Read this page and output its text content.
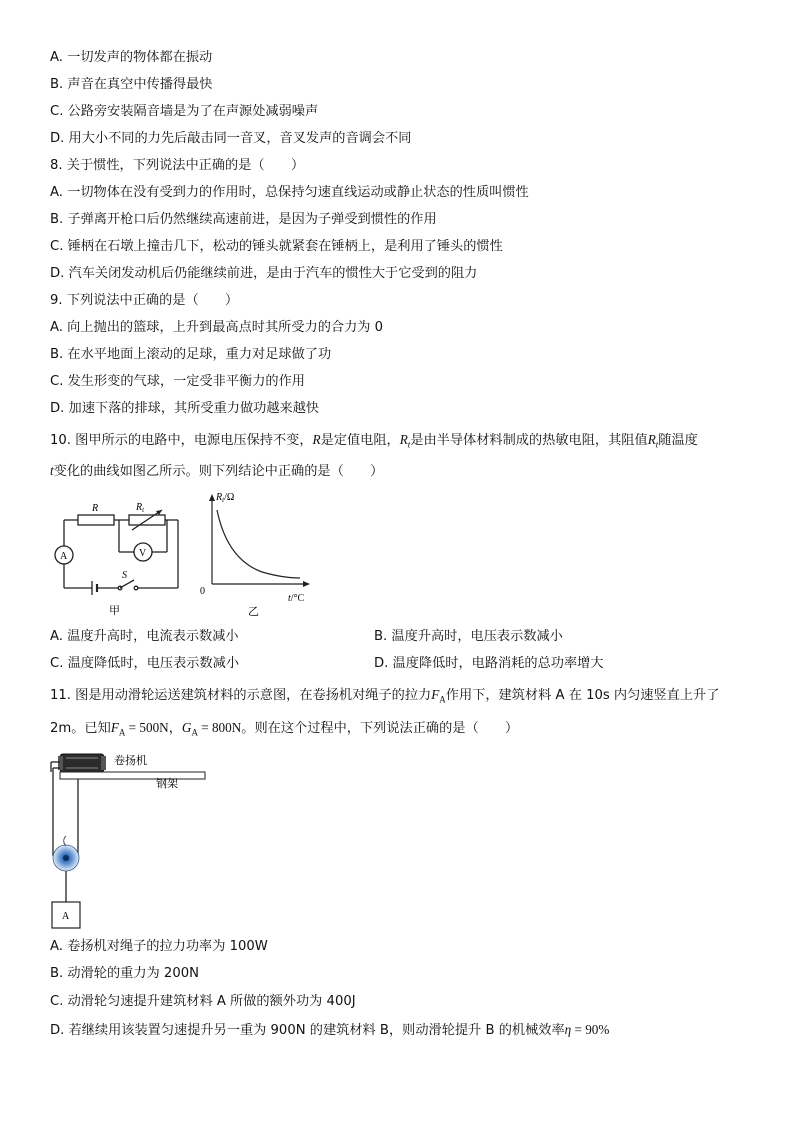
A. 一切发声的物体都在振动
B. 声音在真空中传播得最快
C. 公路旁安装隔音墙是为了在声源处减弱噪声
D. 用大小不同的力先后敲击同一音叉，音叉发声的音调会不同
8. 关于惯性，下列说法中正确的是（　　）
A. 一切物体在没有受到力的作用时，总保持匀速直线运动或静止状态的性质叫惯性
B. 子弹离开枪口后仍然继续高速前进，是因为子弹受到惯性的作用
C. 锤柄在石墩上撞击几下，松动的锤头就紧套在锤柄上，是利用了锤头的惯性
D. 汽车关闭发动机后仍能继续前进，是由于汽车的惯性大于它受到的阻力
9. 下列说法中正确的是（　　）
A. 向上抛出的篮球，上升到最高点时其所受力的合力为 0
B. 在水平地面上滚动的足球，重力对足球做了功
C. 发生形变的气球，一定受非平衡力的作用
D. 加速下落的排球，其所受重力做功越来越快
10. 图甲所示的电路中，电源电压保持不变，R是定值电阻，$R_t$是由半导体材料制成的热敏电阻，其阻值$R_t$随温度
t变化的曲线如图乙所示。则下列结论中正确的是（　　）
R	$R_t$
A	V
S
甲
$R_t/\Omega$
0
t/°C
乙
A. 温度升高时，电流表示数减小	B. 温度升高时，电压表示数减小
C. 温度降低时，电压表示数减小	D. 温度降低时，电路消耗的总功率增大
11. 图是用动滑轮运送建筑材料的示意图，在卷扬机对绳子的拉力$F_A$作用下，建筑材料 A 在 10s 内匀速竖直上升了
2m。已知$F_A = 500N$，$G_A = 800N$。则在这个过程中，下列说法正确的是（　　）
A
卷扬机
钢架
A. 卷扬机对绳子的拉力功率为 100W
B. 动滑轮的重力为 200N
C. 动滑轮匀速提升建筑材料 A 所做的额外功为 400J
D. 若继续用该装置匀速提升另一重为 900N 的建筑材料 B，则动滑轮提升 B 的机械效率η = 90%
